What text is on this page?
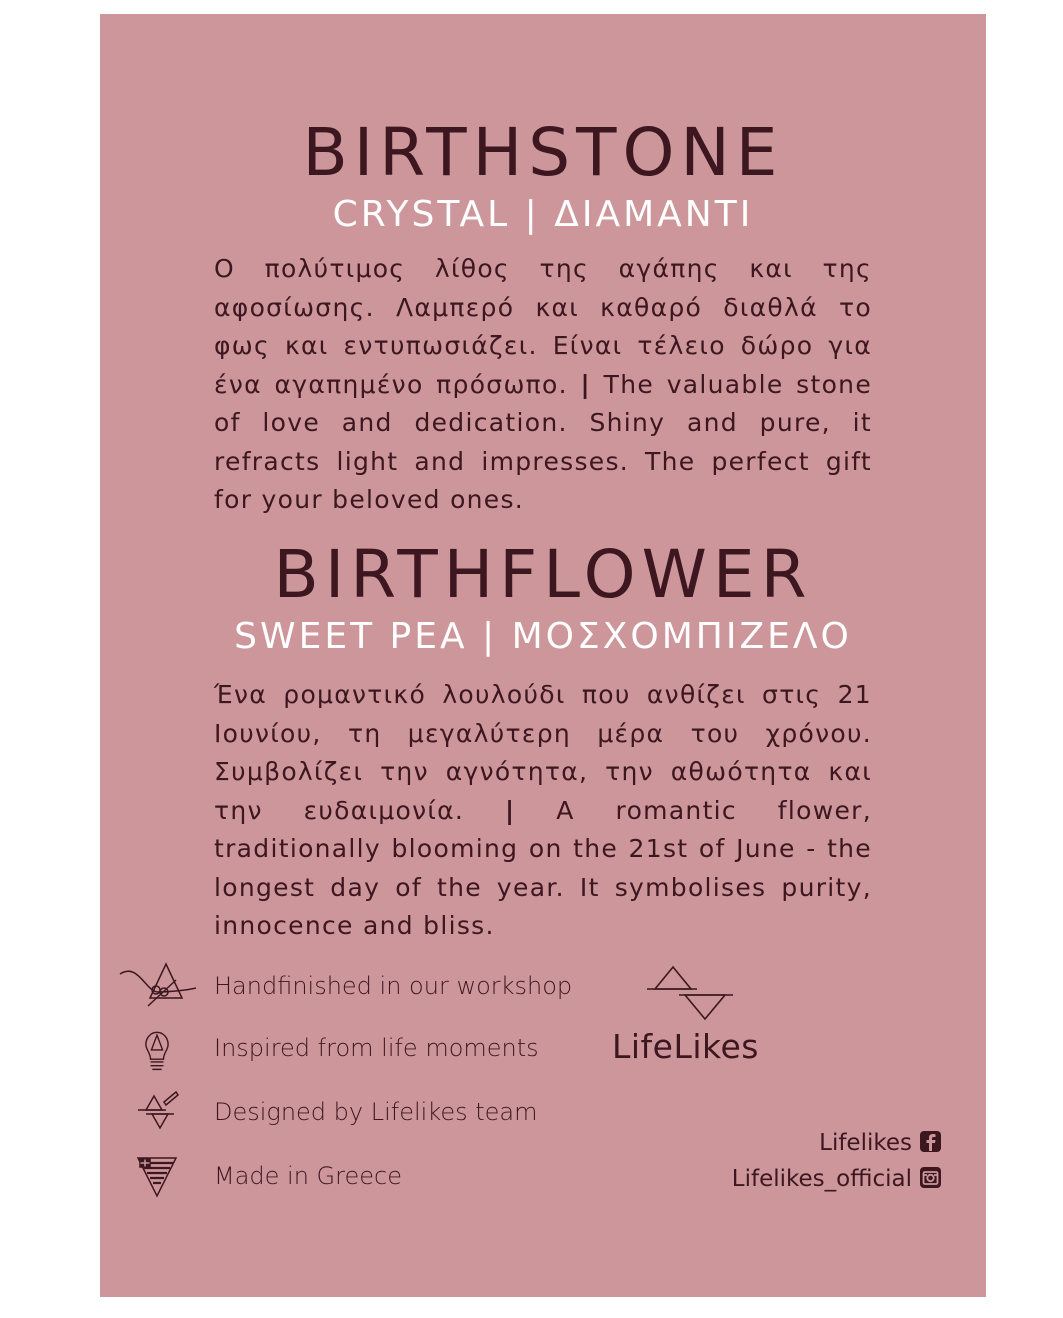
BIRTHSTONE
CRYSTAL | ΔΙΑΜΑΝΤΙ

Ο πολύτιμος λίθος της αγάπης και της αφοσίωσης. Λαμπερό και καθαρό διαθλά το φως και εντυπωσιάζει. Είναι τέλειο δώρο για ένα αγαπημένο πρόσωπο. | The valuable stone of love and dedication. Shiny and pure, it refracts light and impresses. The perfect gift for your beloved ones.

BIRTHFLOWER
SWEET PEA | ΜΟΣΧΟΜΠΙΖΕΛΟ

Ένα ρομαντικό λουλούδι που ανθίζει στις 21 Ιουνίου, τη μεγαλύτερη μέρα του χρόνου. Συμβολίζει την αγνότητα, την αθωότητα και την ευδαιμονία. | A romantic flower, traditionally blooming on the 21st of June - the longest day of the year. It symbolises purity, innocence and bliss.

Handfinished in our workshop
Inspired from life moments
Designed by Lifelikes team
Made in Greece
LifeLikes
Lifelikes
Lifelikes_official
